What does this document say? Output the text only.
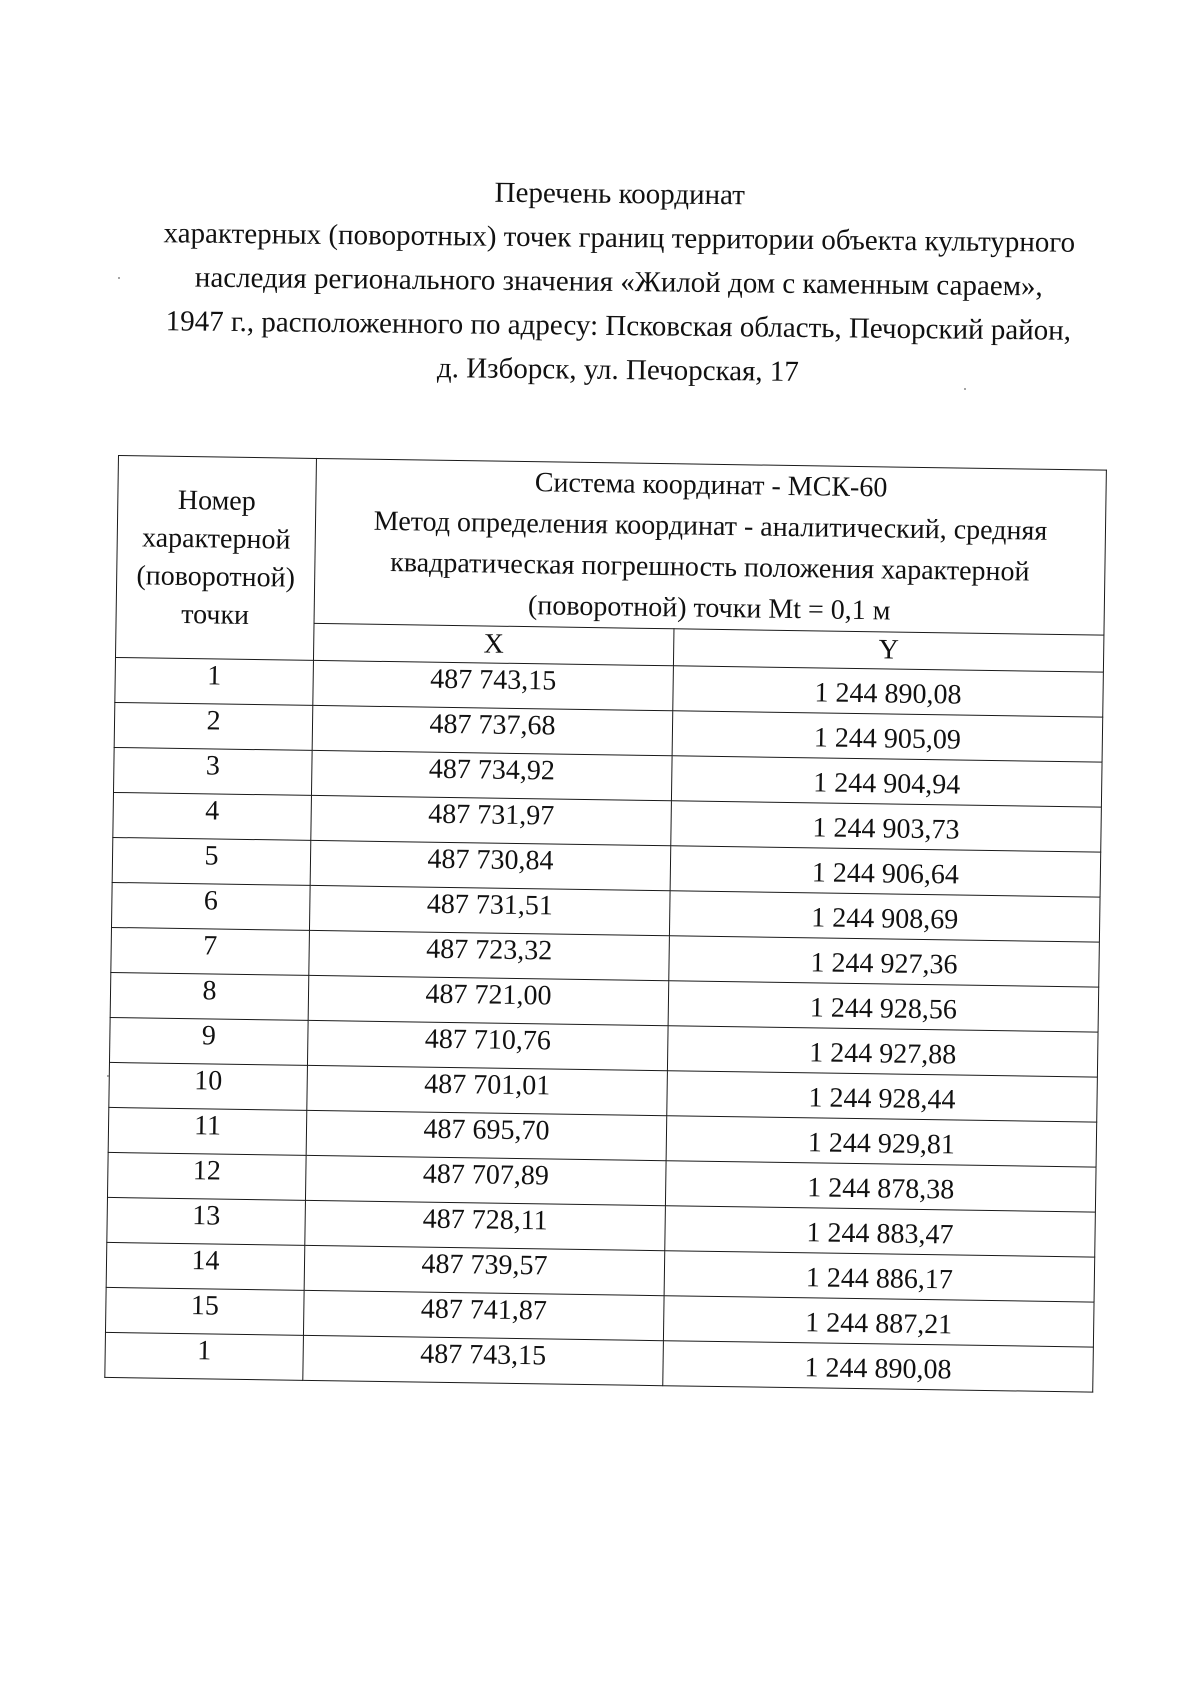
Перечень координат
характерных (поворотных) точек границ территории объекта культурного
наследия регионального значения «Жилой дом с каменным сараем»,
1947 г., расположенного по адресу: Псковская область, Печорский район,
д. Изборск, ул. Печорская, 17
Номер
характерной
(поворотной)
точки	Система координат - МСК-60
Метод определения координат - аналитический, средняя
квадратическая погрешность положения характерной
(поворотной) точки Mt = 0,1 м	

	X	Y
1	487 743,15	1 244 890,08
2	487 737,68	1 244 905,09
3	487 734,92	1 244 904,94
4	487 731,97	1 244 903,73
5	487 730,84	1 244 906,64
6	487 731,51	1 244 908,69
7	487 723,32	1 244 927,36
8	487 721,00	1 244 928,56
9	487 710,76	1 244 927,88
10	487 701,01	1 244 928,44
11	487 695,70	1 244 929,81
12	487 707,89	1 244 878,38
13	487 728,11	1 244 883,47
14	487 739,57	1 244 886,17
15	487 741,87	1 244 887,21
1	487 743,15	1 244 890,08
